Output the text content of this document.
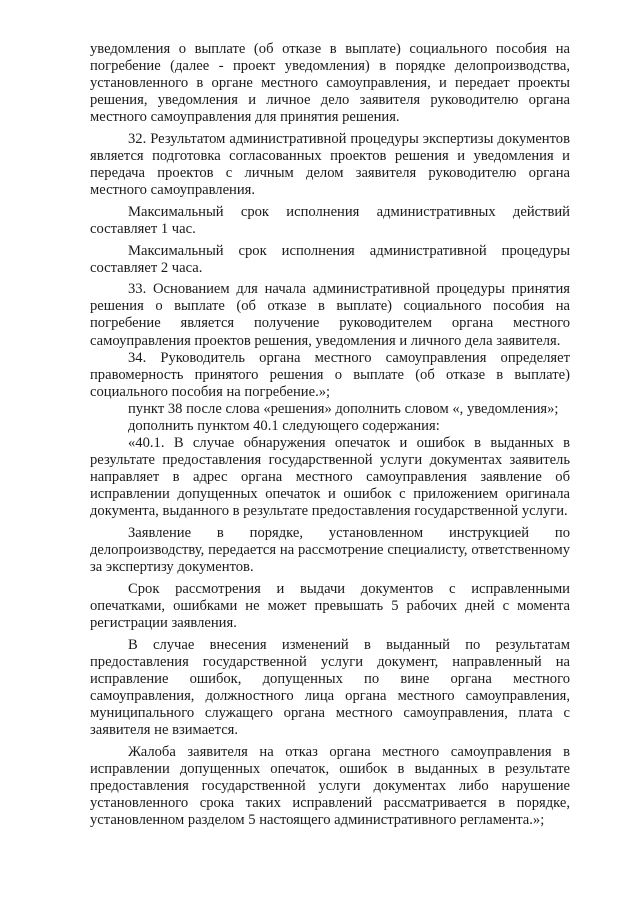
уведомления о выплате (об отказе в выплате) социального пособия на погребение (далее - проект уведомления) в порядке делопроизводства, установленного в органе местного самоуправления, и передает проекты решения, уведомления и личное дело заявителя руководителю органа местного самоуправления для принятия решения.

32. Результатом административной процедуры экспертизы документов является подготовка согласованных проектов решения и уведомления и передача проектов с личным делом заявителя руководителю органа местного самоуправления.

Максимальный срок исполнения административных действий составляет 1 час.

Максимальный срок исполнения административной процедуры составляет 2 часа.

33. Основанием для начала административной процедуры принятия решения о выплате (об отказе в выплате) социального пособия на погребение является получение руководителем органа местного самоуправления проектов решения, уведомления и личного дела заявителя.

34. Руководитель органа местного самоуправления определяет правомерность принятого решения о выплате (об отказе в выплате) социального пособия на погребение.»;

пункт 38 после слова «решения» дополнить словом «, уведомления»;

дополнить пунктом 40.1 следующего содержания:

«40.1. В случае обнаружения опечаток и ошибок в выданных в результате предоставления государственной услуги документах заявитель направляет в адрес органа местного самоуправления заявление об исправлении допущенных опечаток и ошибок с приложением оригинала документа, выданного в результате предоставления государственной услуги.

Заявление в порядке, установленном инструкцией по делопроизводству, передается на рассмотрение специалисту, ответственному за экспертизу документов.

Срок рассмотрения и выдачи документов с исправленными опечатками, ошибками не может превышать 5 рабочих дней с момента регистрации заявления.

В случае внесения изменений в выданный по результатам предоставления государственной услуги документ, направленный на исправление ошибок, допущенных по вине органа местного самоуправления, должностного лица органа местного самоуправления, муниципального служащего органа местного самоуправления, плата с заявителя не взимается.

Жалоба заявителя на отказ органа местного самоуправления в исправлении допущенных опечаток, ошибок в выданных в результате предоставления государственной услуги документах либо нарушение установленного срока таких исправлений рассматривается в порядке, установленном разделом 5 настоящего административного регламента.»;
